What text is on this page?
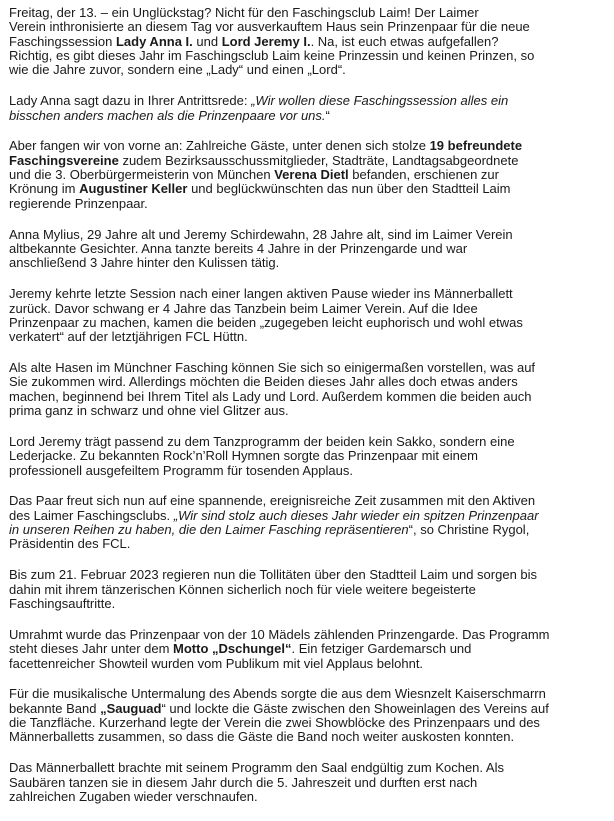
Freitag, der 13. – ein Unglückstag? Nicht für den Faschingsclub Laim! Der Laimer
Verein inthronisierte an diesem Tag vor ausverkauftem Haus sein Prinzenpaar für die neue
Faschingssession Lady Anna I. und Lord Jeremy I.. Na, ist euch etwas aufgefallen?
Richtig, es gibt dieses Jahr im Faschingsclub Laim keine Prinzessin und keinen Prinzen, so
wie die Jahre zuvor, sondern eine „Lady“ und einen „Lord“.

Lady Anna sagt dazu in Ihrer Antrittsrede: „Wir wollen diese Faschingssession alles ein
bisschen anders machen als die Prinzenpaare vor uns.“

Aber fangen wir von vorne an: Zahlreiche Gäste, unter denen sich stolze 19 befreundete
Faschingsvereine zudem Bezirksausschussmitglieder, Stadträte, Landtagsabgeordnete
und die 3. Oberbürgermeisterin von München Verena Dietl befanden, erschienen zur
Krönung im Augustiner Keller und beglückwünschten das nun über den Stadtteil Laim
regierende Prinzenpaar.

Anna Mylius, 29 Jahre alt und Jeremy Schirdewahn, 28 Jahre alt, sind im Laimer Verein
altbekannte Gesichter. Anna tanzte bereits 4 Jahre in der Prinzengarde und war
anschließend 3 Jahre hinter den Kulissen tätig.

Jeremy kehrte letzte Session nach einer langen aktiven Pause wieder ins Männerballett
zurück. Davor schwang er 4 Jahre das Tanzbein beim Laimer Verein. Auf die Idee
Prinzenpaar zu machen, kamen die beiden „zugegeben leicht euphorisch und wohl etwas
verkatert“ auf der letztjährigen FCL Hüttn.

Als alte Hasen im Münchner Fasching können Sie sich so einigermaßen vorstellen, was auf
Sie zukommen wird. Allerdings möchten die Beiden dieses Jahr alles doch etwas anders
machen, beginnend bei Ihrem Titel als Lady und Lord. Außerdem kommen die beiden auch
prima ganz in schwarz und ohne viel Glitzer aus.

Lord Jeremy trägt passend zu dem Tanzprogramm der beiden kein Sakko, sondern eine
Lederjacke. Zu bekannten Rock’n’Roll Hymnen sorgte das Prinzenpaar mit einem
professionell ausgefeiltem Programm für tosenden Applaus.

Das Paar freut sich nun auf eine spannende, ereignisreiche Zeit zusammen mit den Aktiven
des Laimer Faschingsclubs. „Wir sind stolz auch dieses Jahr wieder ein spitzen Prinzenpaar
in unseren Reihen zu haben, die den Laimer Fasching repräsentieren“, so Christine Rygol,
Präsidentin des FCL.

Bis zum 21. Februar 2023 regieren nun die Tollitäten über den Stadtteil Laim und sorgen bis
dahin mit ihrem tänzerischen Können sicherlich noch für viele weitere begeisterte
Faschingsauftritte.

Umrahmt wurde das Prinzenpaar von der 10 Mädels zählenden Prinzengarde. Das Programm
steht dieses Jahr unter dem Motto „Dschungel“. Ein fetziger Gardemarsch und
facettenreicher Showteil wurden vom Publikum mit viel Applaus belohnt.

Für die musikalische Untermalung des Abends sorgte die aus dem Wiesnzelt Kaiserschmarrn
bekannte Band „Sauguad“ und lockte die Gäste zwischen den Showeinlagen des Vereins auf
die Tanzfläche. Kurzerhand legte der Verein die zwei Showblöcke des Prinzenpaars und des
Männerballetts zusammen, so dass die Gäste die Band noch weiter auskosten konnten.

Das Männerballett brachte mit seinem Programm den Saal endgültig zum Kochen. Als
Saubären tanzen sie in diesem Jahr durch die 5. Jahreszeit und durften erst nach
zahlreichen Zugaben wieder verschnaufen.
